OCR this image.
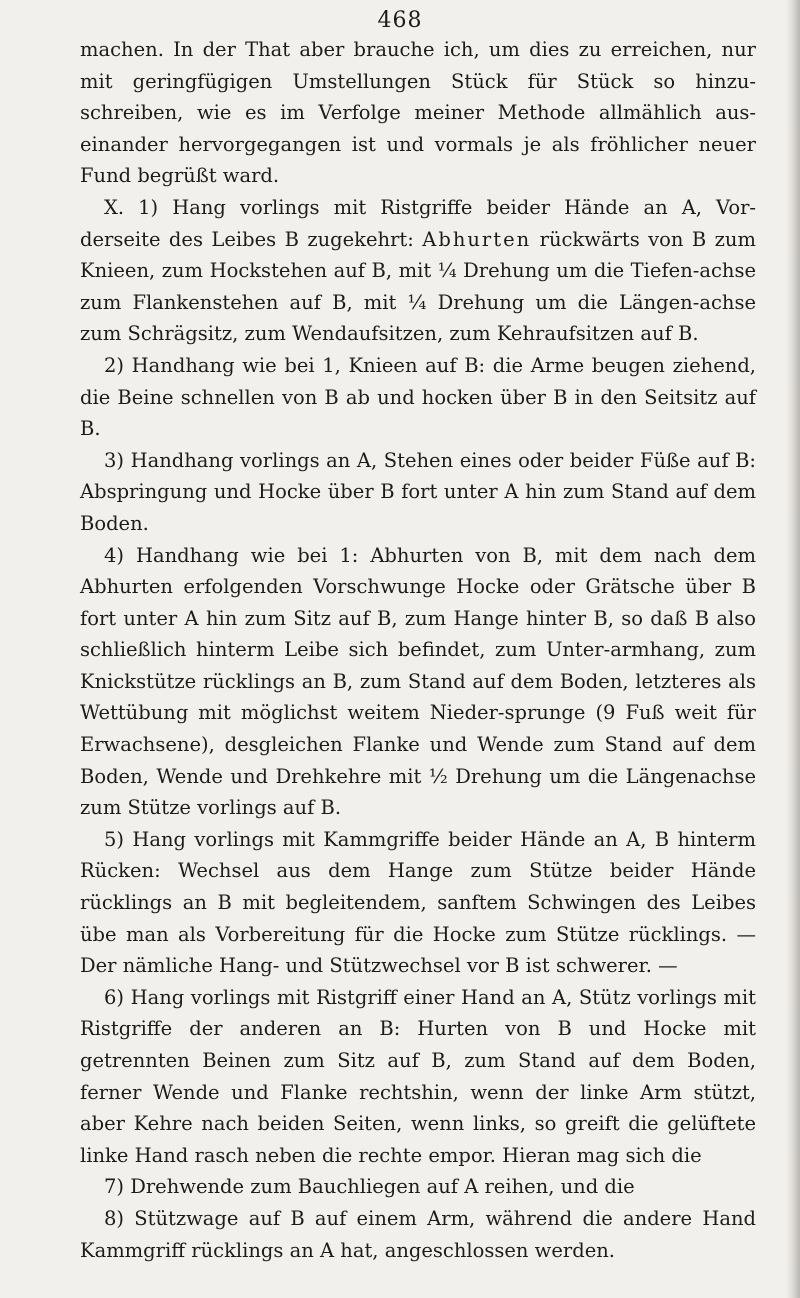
468

machen. In der That aber brauche ich, um dies zu erreichen, nur mit geringfügigen Umstellungen Stück für Stück so hinzu-schreiben, wie es im Verfolge meiner Methode allmählich aus-einander hervorgegangen ist und vormals je als fröhlicher neuer Fund begrüßt ward.

X. 1) Hang vorlings mit Ristgriffe beider Hände an A, Vor-derseite des Leibes B zugekehrt: Abhurten rückwärts von B zum Knieen, zum Hockstehen auf B, mit ¼ Drehung um die Tiefen-achse zum Flankenstehen auf B, mit ¼ Drehung um die Längen-achse zum Schrägsitz, zum Wendaufsitzen, zum Kehraufsitzen auf B.

2) Handhang wie bei 1, Knieen auf B: die Arme beugen ziehend, die Beine schnellen von B ab und hocken über B in den Seitsitz auf B.

3) Handhang vorlings an A, Stehen eines oder beider Füße auf B: Abspringung und Hocke über B fort unter A hin zum Stand auf dem Boden.

4) Handhang wie bei 1: Abhurten von B, mit dem nach dem Abhurten erfolgenden Vorschwunge Hocke oder Grätsche über B fort unter A hin zum Sitz auf B, zum Hange hinter B, so daß B also schließlich hinterm Leibe sich befindet, zum Unter-armhang, zum Knickstütze rücklings an B, zum Stand auf dem Boden, letzteres als Wettübung mit möglichst weitem Nieder-sprunge (9 Fuß weit für Erwachsene), desgleichen Flanke und Wende zum Stand auf dem Boden, Wende und Drehkehre mit ½ Drehung um die Längenachse zum Stütze vorlings auf B.

5) Hang vorlings mit Kammgriffe beider Hände an A, B hinterm Rücken: Wechsel aus dem Hange zum Stütze beider Hände rücklings an B mit begleitendem, sanftem Schwingen des Leibes übe man als Vorbereitung für die Hocke zum Stütze rücklings. — Der nämliche Hang- und Stützwechsel vor B ist schwerer. —

6) Hang vorlings mit Ristgriff einer Hand an A, Stütz vorlings mit Ristgriffe der anderen an B: Hurten von B und Hocke mit getrennten Beinen zum Sitz auf B, zum Stand auf dem Boden, ferner Wende und Flanke rechtshin, wenn der linke Arm stützt, aber Kehre nach beiden Seiten, wenn links, so greift die gelüftete linke Hand rasch neben die rechte empor. Hieran mag sich die

7) Drehwende zum Bauchliegen auf A reihen, und die

8) Stützwage auf B auf einem Arm, während die andere Hand Kammgriff rücklings an A hat, angeschlossen werden.
